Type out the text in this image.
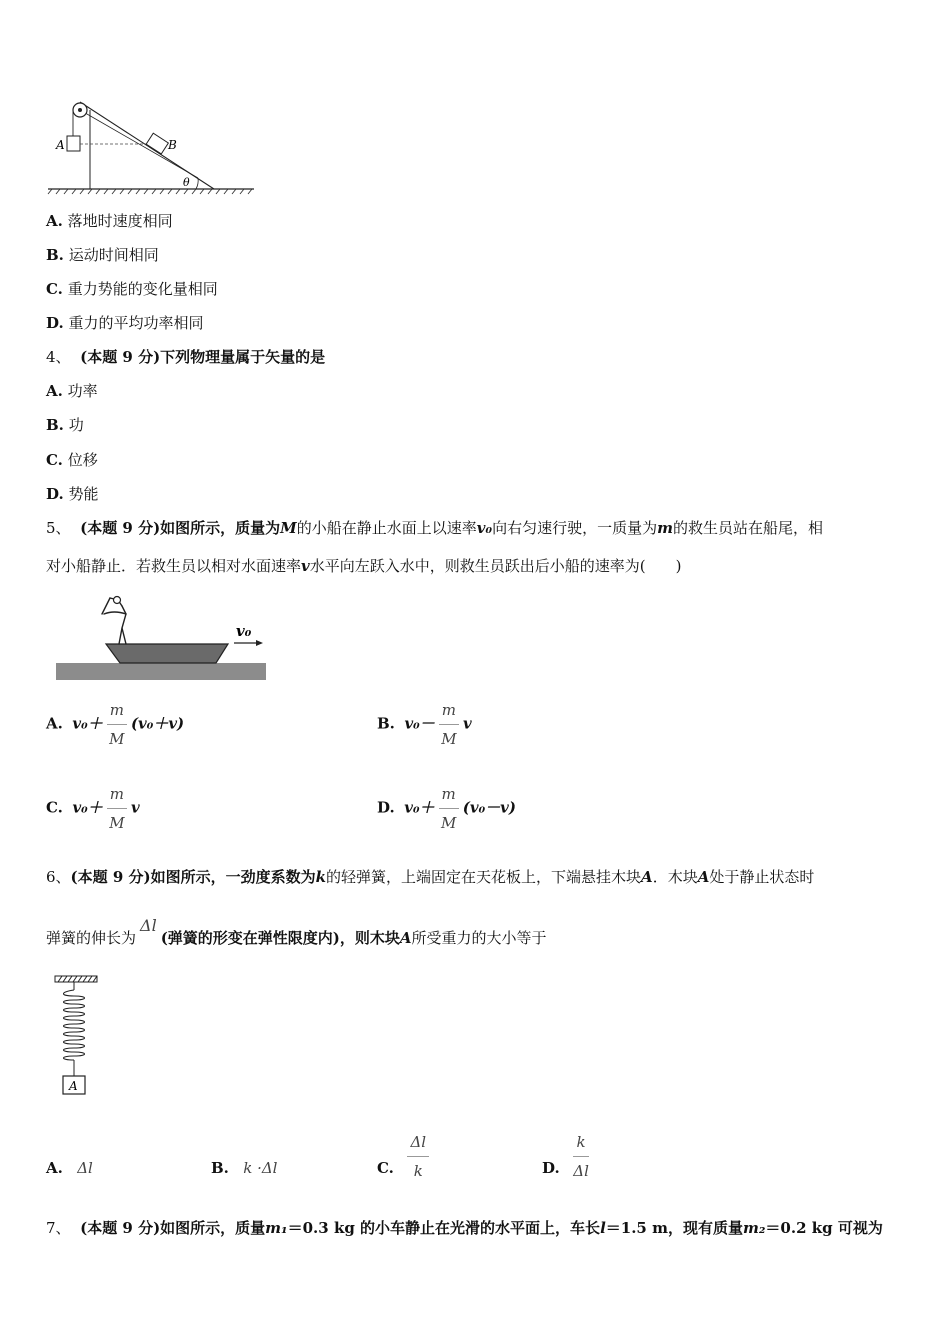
A	B
θ
A. 落地时速度相同
B. 运动时间相同
C. 重力势能的变化量相同
D. 重力的平均功率相同
4、 (本题 9 分)下列物理量属于矢量的是
A. 功率
B. 功
C. 位移
D. 势能
5、 (本题 9 分)如图所示，质量为M的小船在静止水面上以速率v₀向右匀速行驶，一质量为m的救生员站在船尾，相
对小船静止．若救生员以相对水面速率v水平向左跃入水中，则救生员跃出后小船的速率为(　　)
v₀
A. $v_0+ \frac{m}{M} (v_0+v)$	B. $v_0- \frac{m}{M}$ v
C. $v_0+ \frac{m}{M}$ v	D. $v_0+ \frac{m}{M} (v_0-v)$
6、(本题 9 分)如图所示，一劲度系数为k的轻弹簧，上端固定在天花板上，下端悬挂木块A．木块A处于静止状态时
弹簧的伸长为Δl(弹簧的形变在弹性限度内)，则木块A所受重力的大小等于
A
A. Δl	B. k ·Δl	C. $\frac{\Delta l}{k}$	D. $\frac{k}{\Delta l}$
7、 (本题 9 分)如图所示，质量m₁＝0.3 kg 的小车静止在光滑的水平面上，车长l＝1.5 m，现有质量m₂＝0.2 kg 可视为
